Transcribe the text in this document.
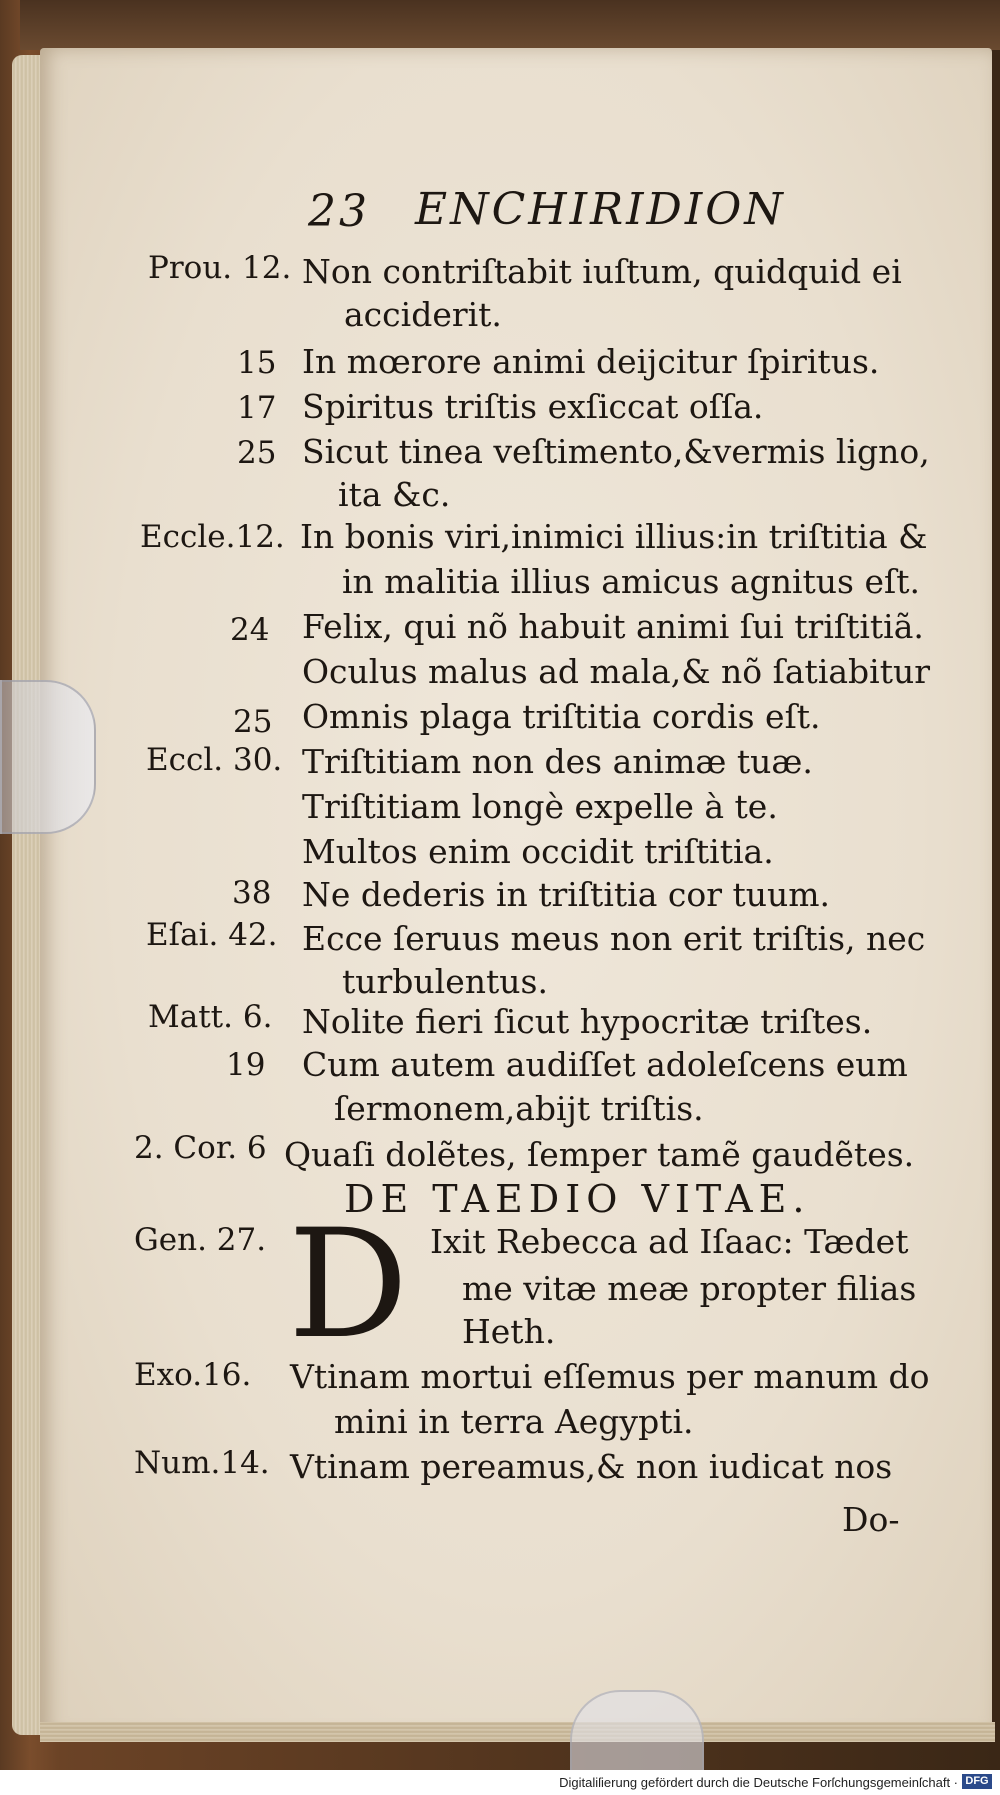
23 ENCHIRIDION
Prou. 12. Non contriſtabit iuſtum, quidquid ei
acciderit.
15 In mœrore animi deijcitur ſpiritus.
17 Spiritus triſtis exſiccat oſſa.
25 Sicut tinea veſtimento,&vermis ligno,
ita &c.
Eccle.12. In bonis viri,inimici illius:in triſtitia &
in malitia illius amicus agnitus eſt.
24 Felix, qui nõ habuit animi ſui triſtitiã.
Oculus malus ad mala,& nõ ſatiabitur
25 Omnis plaga triſtitia cordis eſt.
Eccl. 30. Triſtitiam non des animæ tuæ.
Triſtitiam longè expelle à te.
Multos enim occidit triſtitia.
38 Ne dederis in triſtitia cor tuum.
Eſai. 42. Ecce ſeruus meus non erit triſtis, nec
turbulentus.
Matt. 6. Nolite fieri ſicut hypocritæ triſtes.
19 Cum autem audiſſet adoleſcens eum
ſermonem,abijt triſtis.
2. Cor. 6 Quaſi dolẽtes, ſemper tamẽ gaudẽtes.
DE TAEDIO VITAE.
Gen. 27. D Ixit Rebecca ad Iſaac: Tædet
me vitæ meæ propter filias
Heth.
Exo.16. Vtinam mortui eſſemus per manum do
mini in terra Aegypti.
Num.14. Vtinam pereamus,& non iudicat nos
Do-
Digitaliſierung gefördert durch die Deutsche Forſchungsgemeinſchaft · DFG
